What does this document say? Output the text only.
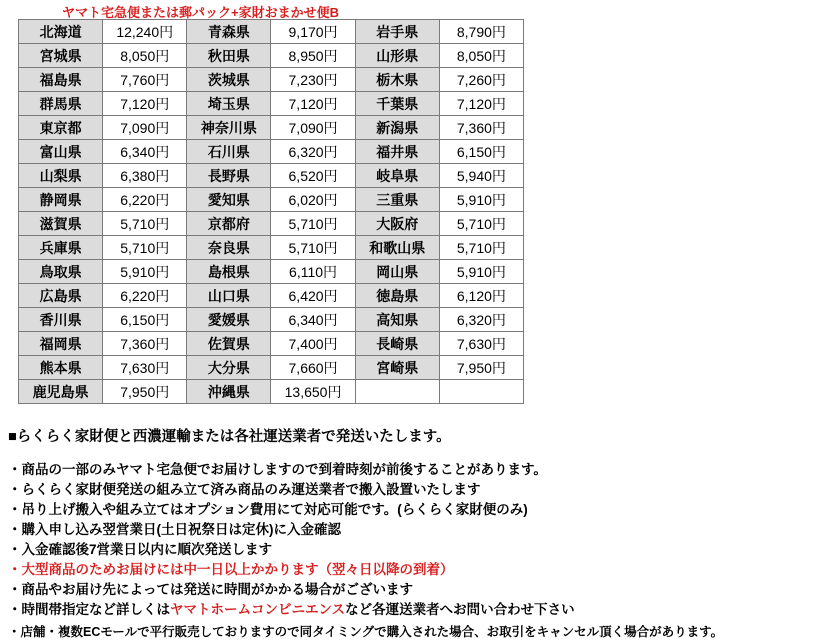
ヤマト宅急便または郵パック+家財おまかせ便B
北海道	12,240円	青森県	9,170円	岩手県	8,790円
宮城県	8,050円	秋田県	8,950円	山形県	8,050円
福島県	7,760円	茨城県	7,230円	栃木県	7,260円
群馬県	7,120円	埼玉県	7,120円	千葉県	7,120円
東京都	7,090円	神奈川県	7,090円	新潟県	7,360円
富山県	6,340円	石川県	6,320円	福井県	6,150円
山梨県	6,380円	長野県	6,520円	岐阜県	5,940円
静岡県	6,220円	愛知県	6,020円	三重県	5,910円
滋賀県	5,710円	京都府	5,710円	大阪府	5,710円
兵庫県	5,710円	奈良県	5,710円	和歌山県	5,710円
鳥取県	5,910円	島根県	6,110円	岡山県	5,910円
広島県	6,220円	山口県	6,420円	徳島県	6,120円
香川県	6,150円	愛媛県	6,340円	高知県	6,320円
福岡県	7,360円	佐賀県	7,400円	長崎県	7,630円
熊本県	7,630円	大分県	7,660円	宮崎県	7,950円
鹿児島県	7,950円	沖縄県	13,650円		
■らくらく家財便と西濃運輸または各社運送業者で発送いたします。
・商品の一部のみヤマト宅急便でお届けしますので到着時刻が前後することがあります。
・らくらく家財便発送の組み立て済み商品のみ運送業者で搬入設置いたします
・吊り上げ搬入や組み立てはオプション費用にて対応可能です。(らくらく家財便のみ)
・購入申し込み翌営業日(土日祝祭日は定休)に入金確認
・入金確認後7営業日以内に順次発送します
・大型商品のためお届けには中一日以上かかります（翌々日以降の到着）
・商品やお届け先によっては発送に時間がかかる場合がございます
・時間帯指定など詳しくはヤマトホームコンビニエンスなど各運送業者へお問い合わせ下さい
・店舗・複数ECモールで平行販売しておりますので同タイミングで購入された場合、お取引をキャンセル頂く場合があります。
